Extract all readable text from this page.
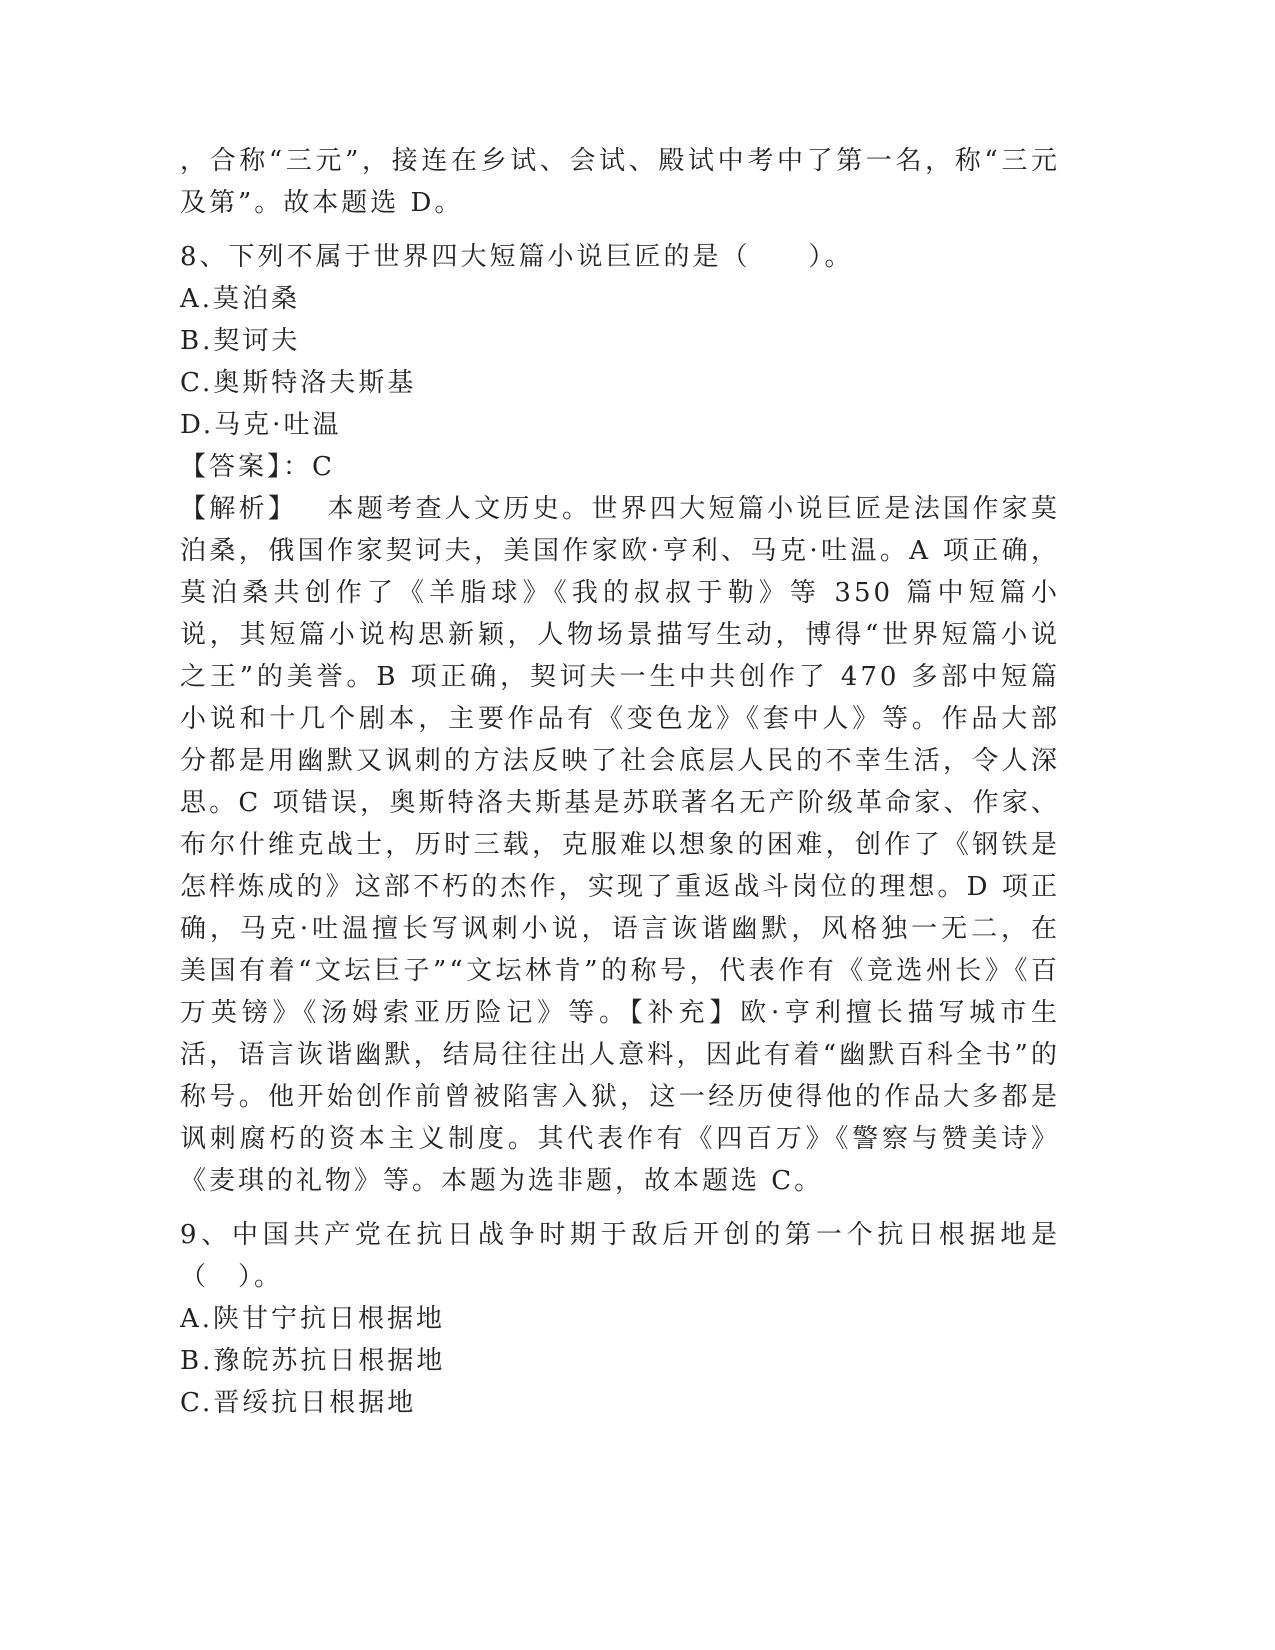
，合称“三元”，接连在乡试、会试、殿试中考中了第一名，称“三元及第”。故本题选 D。

8、下列不属于世界四大短篇小说巨匠的是（　　）。

A.莫泊桑

B.契诃夫

C.奥斯特洛夫斯基

D.马克·吐温

【答案】：C

【解析】 本题考查人文历史。世界四大短篇小说巨匠是法国作家莫泊桑，俄国作家契诃夫，美国作家欧·亨利、马克·吐温。A 项正确，莫泊桑共创作了《羊脂球》《我的叔叔于勒》等 350 篇中短篇小说，其短篇小说构思新颖，人物场景描写生动，博得“世界短篇小说之王”的美誉。B 项正确，契诃夫一生中共创作了 470 多部中短篇小说和十几个剧本，主要作品有《变色龙》《套中人》等。作品大部分都是用幽默又讽刺的方法反映了社会底层人民的不幸生活，令人深思。C 项错误，奥斯特洛夫斯基是苏联著名无产阶级革命家、作家、布尔什维克战士，历时三载，克服难以想象的困难，创作了《钢铁是怎样炼成的》这部不朽的杰作，实现了重返战斗岗位的理想。D 项正确，马克·吐温擅长写讽刺小说，语言诙谐幽默，风格独一无二，在美国有着“文坛巨子”“文坛林肯”的称号，代表作有《竞选州长》《百万英镑》《汤姆索亚历险记》等。【补充】欧·亨利擅长描写城市生活，语言诙谐幽默，结局往往出人意料，因此有着“幽默百科全书”的称号。他开始创作前曾被陷害入狱，这一经历使得他的作品大多都是讽刺腐朽的资本主义制度。其代表作有《四百万》《警察与赞美诗》《麦琪的礼物》等。本题为选非题，故本题选 C。

9、中国共产党在抗日战争时期于敌后开创的第一个抗日根据地是（　）。

A.陕甘宁抗日根据地

B.豫皖苏抗日根据地

C.晋绥抗日根据地
